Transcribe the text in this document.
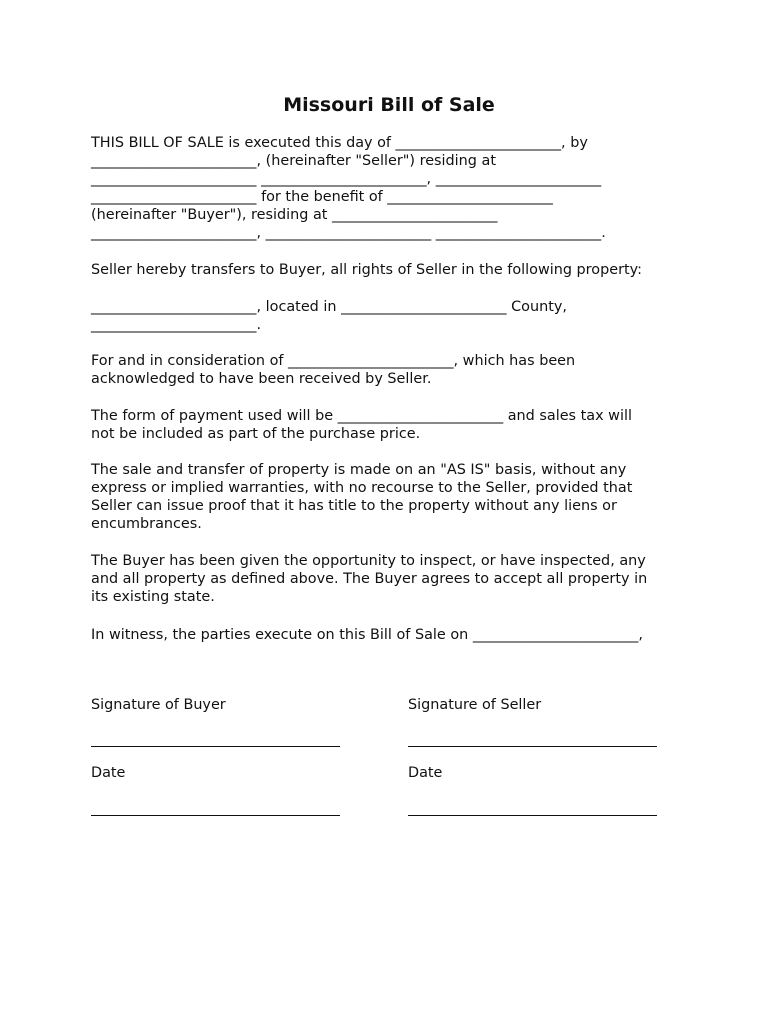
Missouri Bill of Sale
THIS BILL OF SALE is executed this day of _______________________, by
_______________________, (hereinafter "Seller") residing at
_______________________ _______________________, _______________________
_______________________ for the benefit of _______________________
(hereinafter "Buyer"), residing at _______________________
_______________________, _______________________ _______________________.
Seller hereby transfers to Buyer, all rights of Seller in the following property:
_______________________, located in _______________________ County,
_______________________.
For and in consideration of _______________________, which has been
acknowledged to have been received by Seller.
The form of payment used will be _______________________ and sales tax will
not be included as part of the purchase price.
The sale and transfer of property is made on an "AS IS" basis, without any
express or implied warranties, with no recourse to the Seller, provided that
Seller can issue proof that it has title to the property without any liens or
encumbrances.
The Buyer has been given the opportunity to inspect, or have inspected, any
and all property as defined above. The Buyer agrees to accept all property in
its existing state.
In witness, the parties execute on this Bill of Sale on _______________________,
Signature of Buyer	Signature of Seller
Date	Date
